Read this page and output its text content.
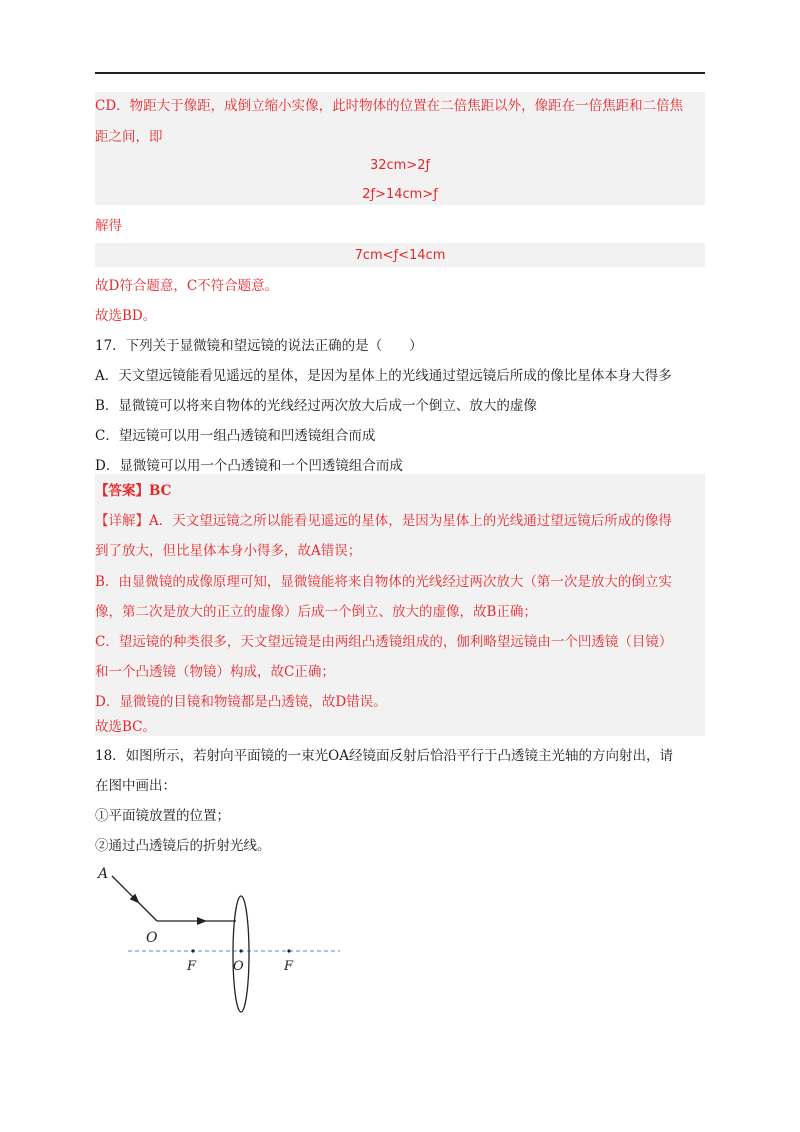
CD．物距大于像距，成倒立缩小实像，此时物体的位置在二倍焦距以外，像距在一倍焦距和二倍焦
距之间，即
32cm>2ƒ
2ƒ>14cm>ƒ
解得
7cm<ƒ<14cm
故D符合题意，C不符合题意。
故选BD。
17．下列关于显微镜和望远镜的说法正确的是（　　）
A．天文望远镜能看见遥远的星体，是因为星体上的光线通过望远镜后所成的像比星体本身大得多
B．显微镜可以将来自物体的光线经过两次放大后成一个倒立、放大的虚像
C．望远镜可以用一组凸透镜和凹透镜组合而成
D．显微镜可以用一个凸透镜和一个凹透镜组合而成
【答案】BC
【详解】A．天文望远镜之所以能看见遥远的星体，是因为星体上的光线通过望远镜后所成的像得
到了放大，但比星体本身小得多，故A错误；
B．由显微镜的成像原理可知，显微镜能将来自物体的光线经过两次放大（第一次是放大的倒立实
像，第二次是放大的正立的虚像）后成一个倒立、放大的虚像，故B正确；
C．望远镜的种类很多，天文望远镜是由两组凸透镜组成的，伽利略望远镜由一个凹透镜（目镜）
和一个凸透镜（物镜）构成，故C正确；
D．显微镜的目镜和物镜都是凸透镜，故D错误。
故选BC。
18．如图所示，若射向平面镜的一束光OA经镜面反射后恰沿平行于凸透镜主光轴的方向射出，请
在图中画出：
①平面镜放置的位置；
②通过凸透镜后的折射光线。
A
O
F	O	F
